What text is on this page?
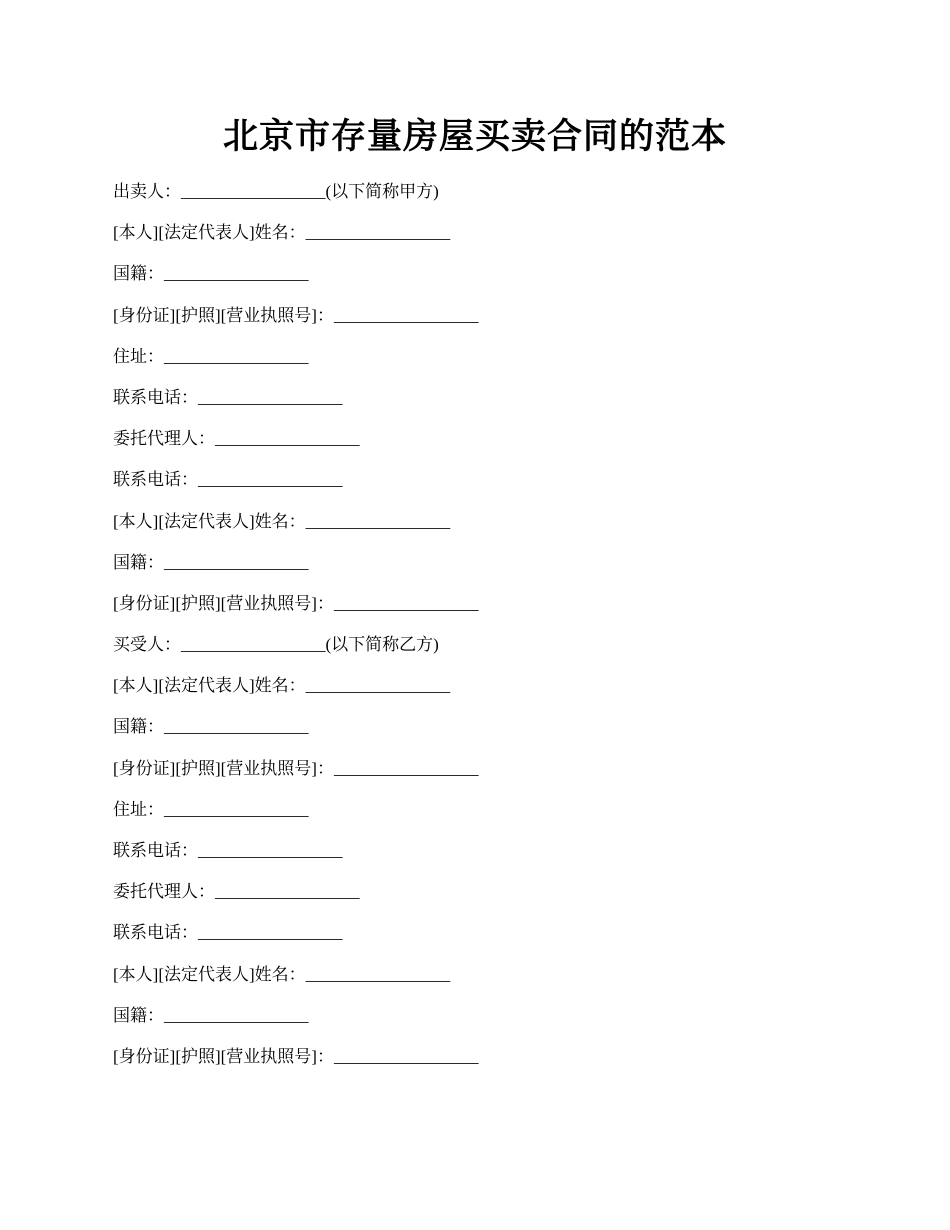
北京市存量房屋买卖合同的范本
出卖人：_________________(以下简称甲方)
[本人][法定代表人]姓名：_________________
国籍：_________________
[身份证][护照][营业执照号]：_________________
住址：_________________
联系电话：_________________
委托代理人：_________________
联系电话：_________________
[本人][法定代表人]姓名：_________________
国籍：_________________
[身份证][护照][营业执照号]：_________________
买受人：_________________(以下简称乙方)
[本人][法定代表人]姓名：_________________
国籍：_________________
[身份证][护照][营业执照号]：_________________
住址：_________________
联系电话：_________________
委托代理人：_________________
联系电话：_________________
[本人][法定代表人]姓名：_________________
国籍：_________________
[身份证][护照][营业执照号]：_________________
